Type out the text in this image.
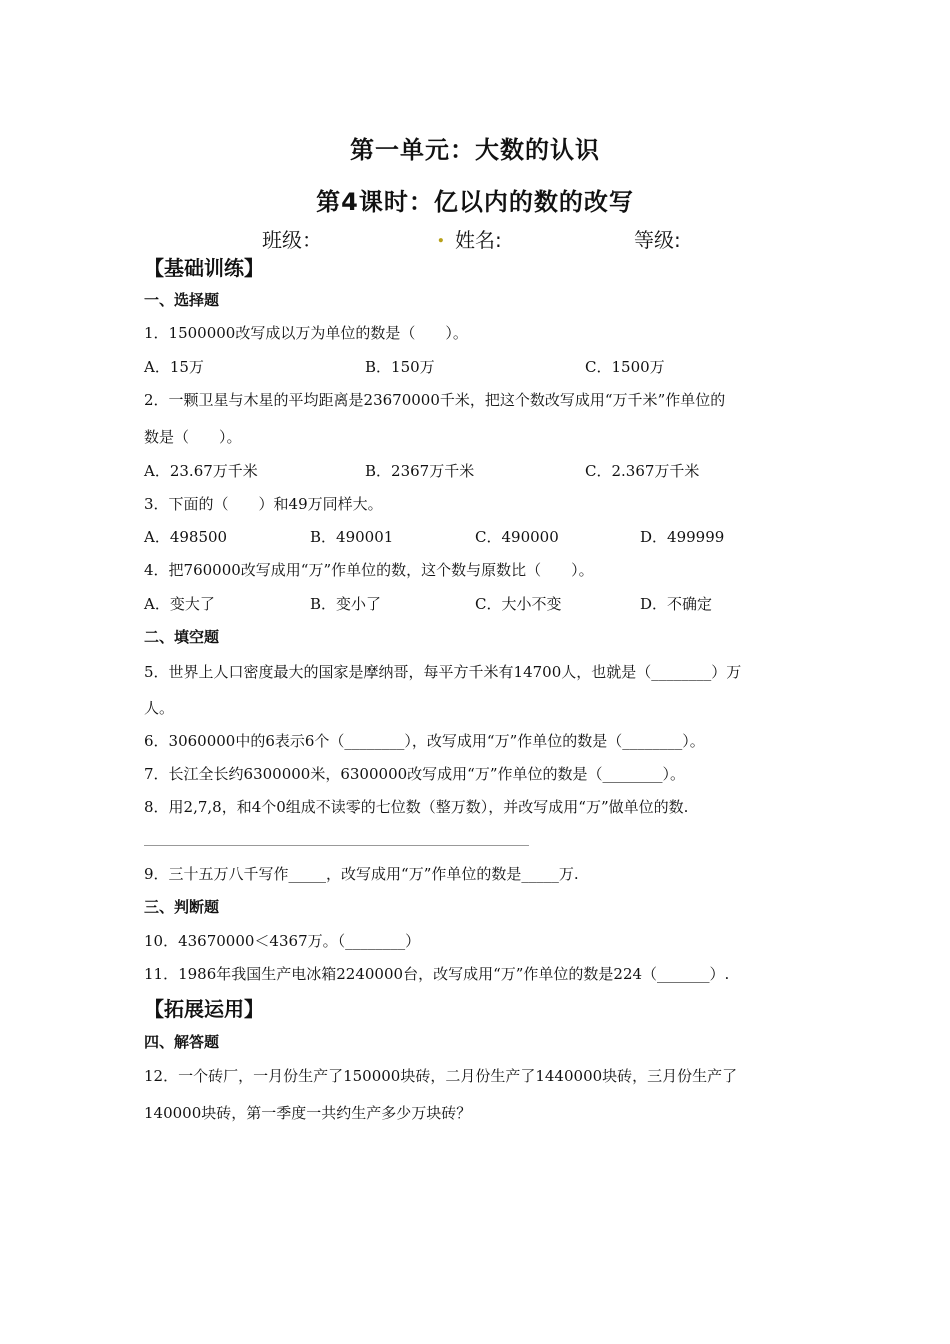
第一单元：大数的认识
第4课时：亿以内的数的改写
班级：	. 姓名:	等级:
【基础训练】
一、选择题
1．1500000改写成以万为单位的数是（　　）。
A．15万	B．150万	C．1500万
2．一颗卫星与木星的平均距离是23670000千米，把这个数改写成用“万千米”作单位的
数是（　　）。
A．23.67万千米	B．2367万千米	C．2.367万千米
3．下面的（　　）和49万同样大。
A．498500	B．490001	C．490000	D．499999
4．把760000改写成用“万”作单位的数，这个数与原数比（　　）。
A．变大了	B．变小了	C．大小不变	D．不确定
二、填空题
5．世界上人口密度最大的国家是摩纳哥，每平方千米有14700人，也就是（________）万
人。
6．3060000中的6表示6个（________），改写成用“万”作单位的数是（________）。
7．长江全长约6300000米，6300000改写成用“万”作单位的数是（________）。
8．用2,7,8，和4个0组成不读零的七位数（整万数），并改写成用“万”做单位的数.
9．三十五万八千写作_____，改写成用“万”作单位的数是_____万.
三、判断题
10．43670000＜4367万。（________）
11．1986年我国生产电冰箱2240000台，改写成用“万”作单位的数是224（_______）.
【拓展运用】
四、解答题
12．一个砖厂，一月份生产了150000块砖，二月份生产了1440000块砖，三月份生产了
140000块砖，第一季度一共约生产多少万块砖？
